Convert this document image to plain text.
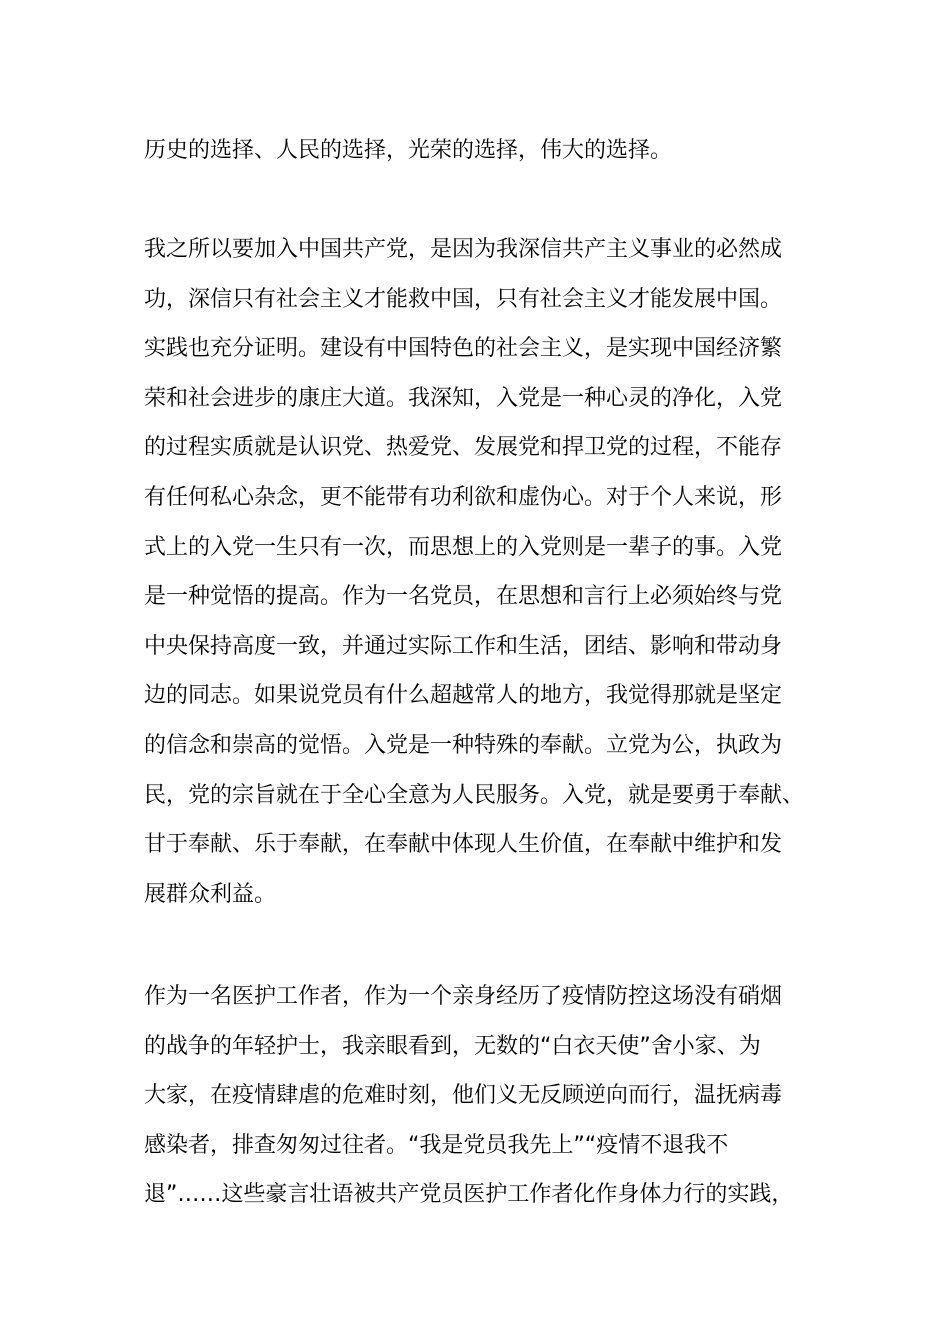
历史的选择、人民的选择，光荣的选择，伟大的选择。

我之所以要加入中国共产党，是因为我深信共产主义事业的必然成
功，深信只有社会主义才能救中国，只有社会主义才能发展中国。
实践也充分证明。建设有中国特色的社会主义，是实现中国经济繁
荣和社会进步的康庄大道。我深知，入党是一种心灵的净化，入党
的过程实质就是认识党、热爱党、发展党和捍卫党的过程，不能存
有任何私心杂念，更不能带有功利欲和虚伪心。对于个人来说，形
式上的入党一生只有一次，而思想上的入党则是一辈子的事。入党
是一种觉悟的提高。作为一名党员，在思想和言行上必须始终与党
中央保持高度一致，并通过实际工作和生活，团结、影响和带动身
边的同志。如果说党员有什么超越常人的地方，我觉得那就是坚定
的信念和崇高的觉悟。入党是一种特殊的奉献。立党为公，执政为
民，党的宗旨就在于全心全意为人民服务。入党，就是要勇于奉献、
甘于奉献、乐于奉献，在奉献中体现人生价值，在奉献中维护和发
展群众利益。

作为一名医护工作者，作为一个亲身经历了疫情防控这场没有硝烟
的战争的年轻护士，我亲眼看到，无数的“白衣天使”舍小家、为
大家，在疫情肆虐的危难时刻，他们义无反顾逆向而行，温抚病毒
感染者，排查匆匆过往者。“我是党员我先上”“疫情不退我不
退”……这些豪言壮语被共产党员医护工作者化作身体力行的实践，
